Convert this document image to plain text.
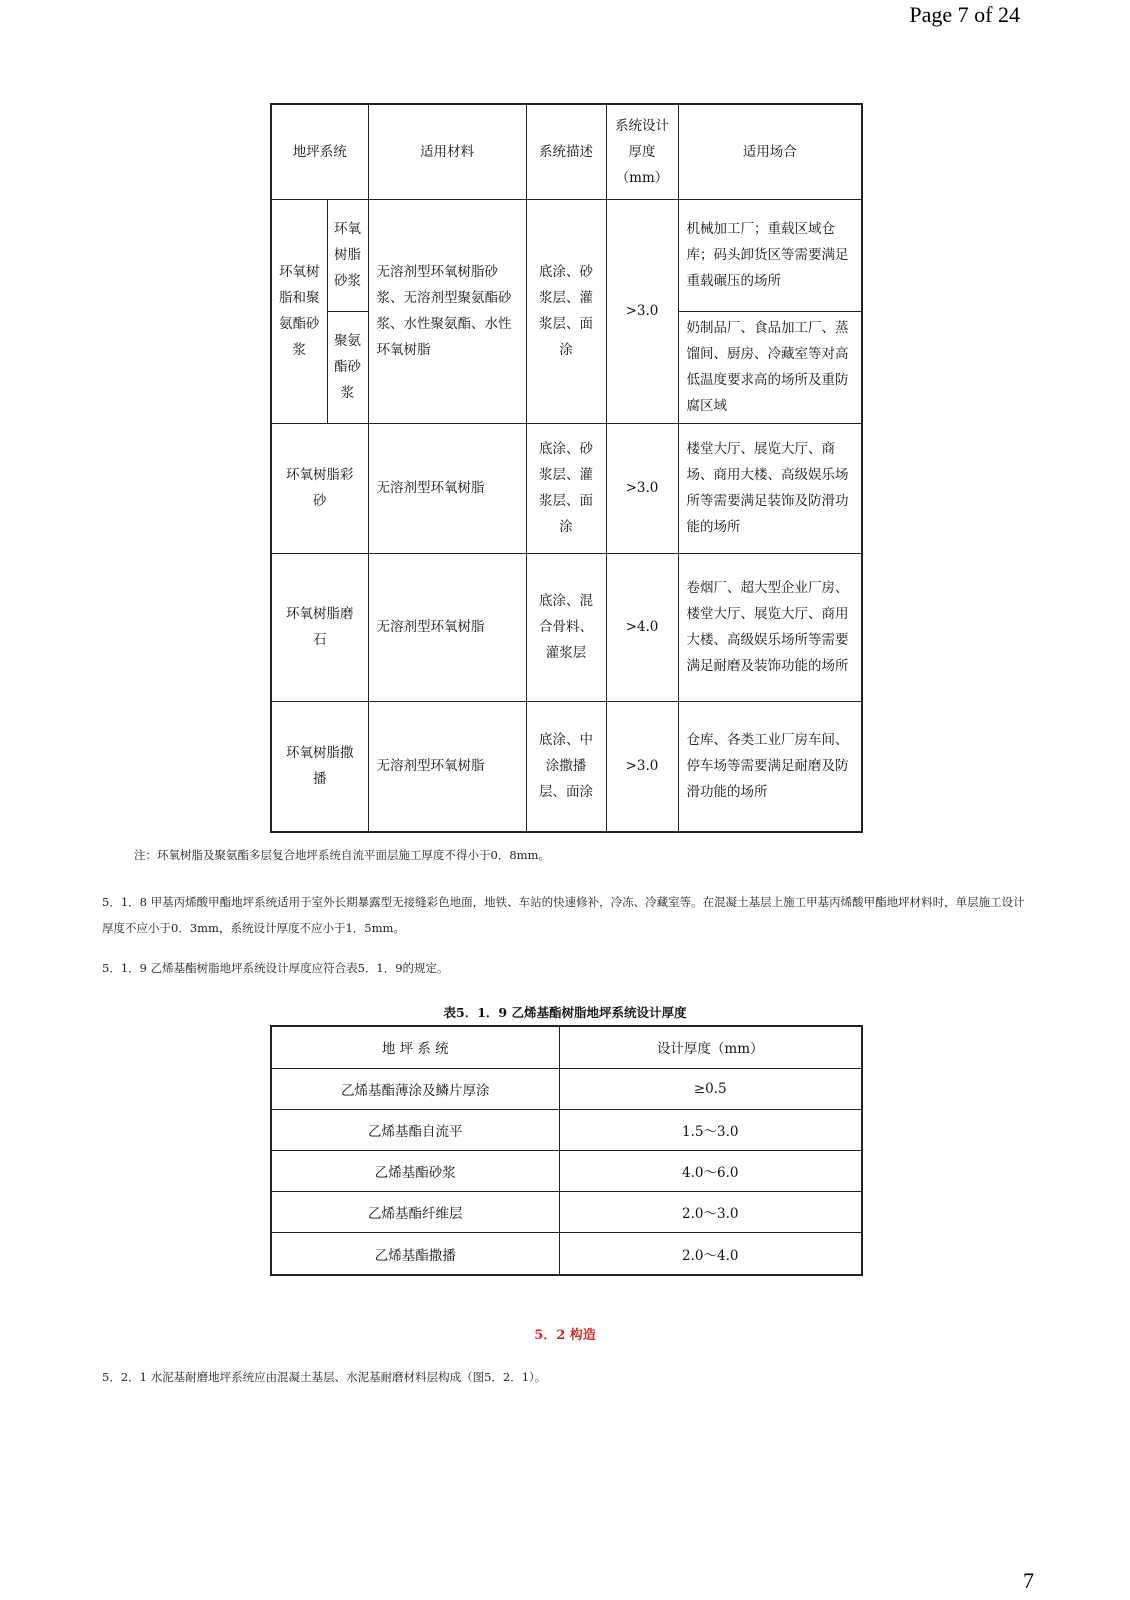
Page 7 of 24
地坪系统		适用材料	系统描述	系统设计厚度（mm）	适用场合
环氧树脂和聚氨酯砂浆	环氧树脂砂浆	无溶剂型环氧树脂砂浆、无溶剂型聚氨酯砂浆、水性聚氨酯、水性环氧树脂	底涂、砂浆层、灌浆层、面涂	>3.0	机械加工厂；重载区域仓库；码头卸货区等需要满足重载碾压的场所
	聚氨酯砂浆				奶制品厂、食品加工厂、蒸馏间、厨房、冷藏室等对高低温度要求高的场所及重防腐区域
环氧树脂彩砂		无溶剂型环氧树脂	底涂、砂浆层、灌浆层、面涂	>3.0	楼堂大厅、展览大厅、商场、商用大楼、高级娱乐场所等需要满足装饰及防滑功能的场所
环氧树脂磨石		无溶剂型环氧树脂	底涂、混合骨料、灌浆层	>4.0	卷烟厂、超大型企业厂房、楼堂大厅、展览大厅、商用大楼、高级娱乐场所等需要满足耐磨及装饰功能的场所
环氧树脂撒播		无溶剂型环氧树脂	底涂、中涂撒播层、面涂	>3.0	仓库、各类工业厂房车间、停车场等需要满足耐磨及防滑功能的场所
注：环氧树脂及聚氨酯多层复合地坪系统自流平面层施工厚度不得小于0．8mm。
5．1．8 甲基丙烯酸甲酯地坪系统适用于室外长期暴露型无接缝彩色地面，地铁、车站的快速修补，冷冻、冷藏室等。在混凝土基层上施工甲基丙烯酸甲酯地坪材料时，单层施工设计厚度不应小于0．3mm，系统设计厚度不应小于1．5mm。
5．1．9 乙烯基酯树脂地坪系统设计厚度应符合表5．1．9的规定。
表5．1．9 乙烯基酯树脂地坪系统设计厚度
地 坪 系 统	设计厚度（mm）
乙烯基酯薄涂及鳞片厚涂	≥0.5
乙烯基酯自流平	1.5～3.0
乙烯基酯砂浆	4.0～6.0
乙烯基酯纤维层	2.0～3.0
乙烯基酯撒播	2.0～4.0
5．2 构造
5．2．1 水泥基耐磨地坪系统应由混凝土基层、水泥基耐磨材料层构成（图5．2．1）。
7
